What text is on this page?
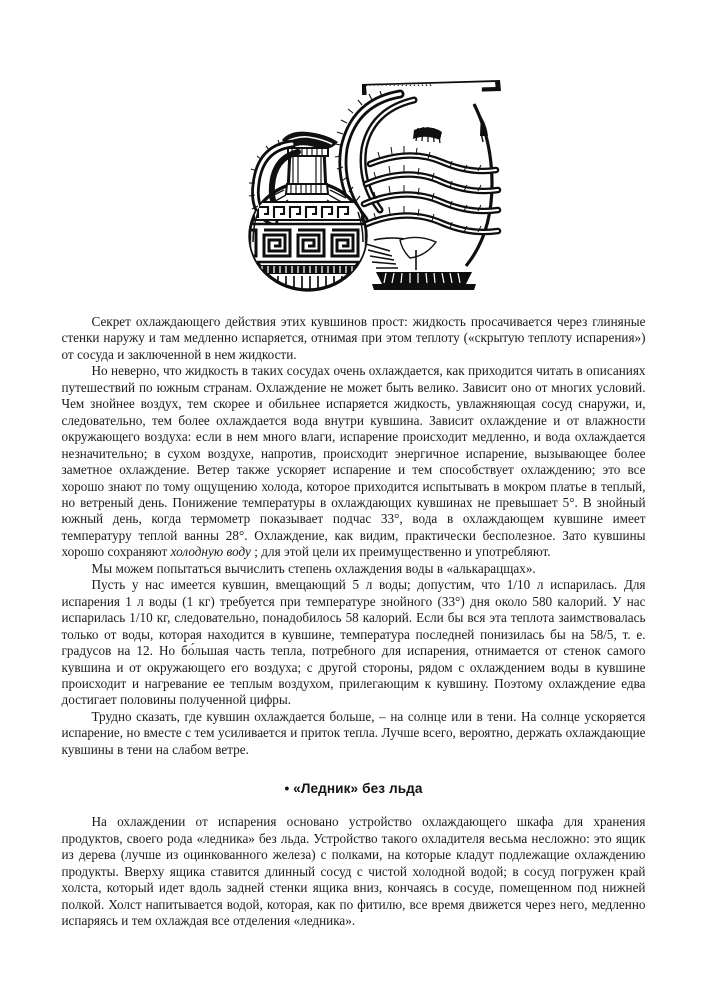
Секрет охлаждающего действия этих кувшинов прост: жидкость просачивается через глиняные стенки наружу и там медленно испаряется, отнимая при этом теплоту («скрытую теплоту испарения») от сосуда и заключенной в нем жидкости.

Но неверно, что жидкость в таких сосудах очень охлаждается, как приходится читать в описаниях путешествий по южным странам. Охлаждение не может быть велико. Зависит оно от многих условий. Чем знойнее воздух, тем скорее и обильнее испаряется жидкость, увлажняющая сосуд снаружи, и, следовательно, тем более охлаждается вода внутри кувшина. Зависит охлаждение и от влажности окружающего воздуха: если в нем много влаги, испарение происходит медленно, и вода охлаждается незначительно; в сухом воздухе, напротив, происходит энергичное испарение, вызывающее более заметное охлаждение. Ветер также ускоряет испарение и тем способствует охлаждению; это все хорошо знают по тому ощущению холода, которое приходится испытывать в мокром платье в теплый, но ветреный день. Понижение температуры в охлаждающих кувшинах не превышает 5°. В знойный южный день, когда термометр показывает подчас 33°, вода в охлаждающем кувшине имеет температуру теплой ванны 28°. Охлаждение, как видим, практически бесполезное. Зато кувшины хорошо сохраняют холодную воду ; для этой цели их преимущественно и употребляют.

Мы можем попытаться вычислить степень охлаждения воды в «алькарацщах».

Пусть у нас имеется кувшин, вмещающий 5 л воды; допустим, что 1/10 л испарилась. Для испарения 1 л воды (1 кг) требуется при температуре знойного (33°) дня около 580 калорий. У нас испарилась 1/10 кг, следовательно, понадобилось 58 калорий. Если бы вся эта теплота заимствовалась только от воды, которая находится в кувшине, температура последней понизилась бы на 58/5, т. е. градусов на 12. Но бо́льшая часть тепла, потребного для испарения, отнимается от стенок самого кувшина и от окружающего его воздуха; с другой стороны, рядом с охлаждением воды в кувшине происходит и нагревание ее теплым воздухом, прилегающим к кувшину. Поэтому охлаждение едва достигает половины полученной цифры.

Трудно сказать, где кувшин охлаждается больше, – на солнце или в тени. На солнце ускоряется испарение, но вместе с тем усиливается и приток тепла. Лучше всего, вероятно, держать охлаждающие кувшины в тени на слабом ветре.

• «Ледник» без льда

На охлаждении от испарения основано устройство охлаждающего шкафа для хранения продуктов, своего рода «ледника» без льда. Устройство такого охладителя весьма несложно: это ящик из дерева (лучше из оцинкованного железа) с полками, на которые кладут подлежащие охлаждению продукты. Вверху ящика ставится длинный сосуд с чистой холодной водой; в сосуд погружен край холста, который идет вдоль задней стенки ящика вниз, кончаясь в сосуде, помещенном под нижней полкой. Холст напитывается водой, которая, как по фитилю, все время движется через него, медленно испаряясь и тем охлаждая все отделения «ледника».
